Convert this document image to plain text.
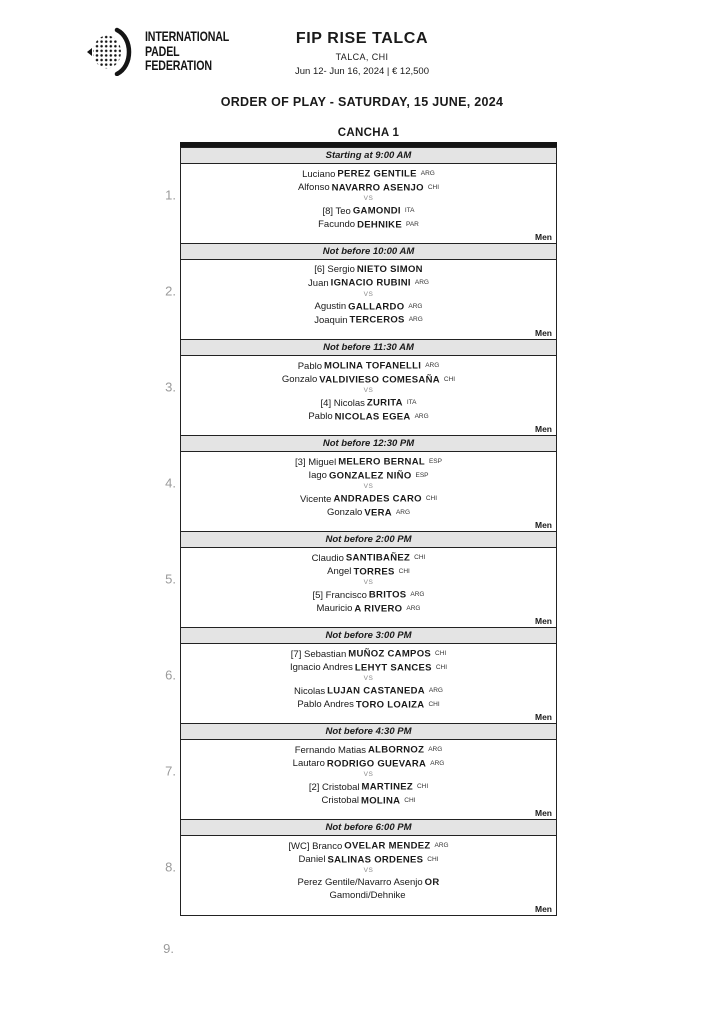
INTERNATIONAL
PADEL
FEDERATION
FIP RISE TALCA
TALCA, CHI
Jun 12- Jun 16, 2024 | € 12,500
ORDER OF PLAY - SATURDAY, 15 JUNE, 2024
CANCHA 1
1.
Starting at 9:00 AM
Luciano PEREZ GENTILE ARG
Alfonso NAVARRO ASENJO CHI
VS
[8] Teo GAMONDI ITA
Facundo DEHNIKE PAR
Men
2.
Not before 10:00 AM
[6] Sergio NIETO SIMON
Juan IGNACIO RUBINI ARG
VS
Agustin GALLARDO ARG
Joaquin TERCEROS ARG
Men
3.
Not before 11:30 AM
Pablo MOLINA TOFANELLI ARG
Gonzalo VALDIVIESO COMESAÑA CHI
VS
[4] Nicolas ZURITA ITA
Pablo NICOLAS EGEA ARG
Men
4.
Not before 12:30 PM
[3] Miguel MELERO BERNAL ESP
Iago GONZALEZ NIÑO ESP
VS
Vicente ANDRADES CARO CHI
Gonzalo VERA ARG
Men
5.
Not before 2:00 PM
Claudio SANTIBAÑEZ CHI
Angel TORRES CHI
VS
[5] Francisco BRITOS ARG
Mauricio A RIVERO ARG
Men
6.
Not before 3:00 PM
[7] Sebastian MUÑOZ CAMPOS CHI
Ignacio Andres LEHYT SANCES CHI
VS
Nicolas LUJAN CASTANEDA ARG
Pablo Andres TORO LOAIZA CHI
Men
7.
Not before 4:30 PM
Fernando Matias ALBORNOZ ARG
Lautaro RODRIGO GUEVARA ARG
VS
[2] Cristobal MARTINEZ CHI
Cristobal MOLINA CHI
Men
8.
Not before 6:00 PM
[WC] Branco OVELAR MENDEZ ARG
Daniel SALINAS ORDENES CHI
VS
Perez Gentile/Navarro Asenjo OR
Gamondi/Dehnike
Men
9.
